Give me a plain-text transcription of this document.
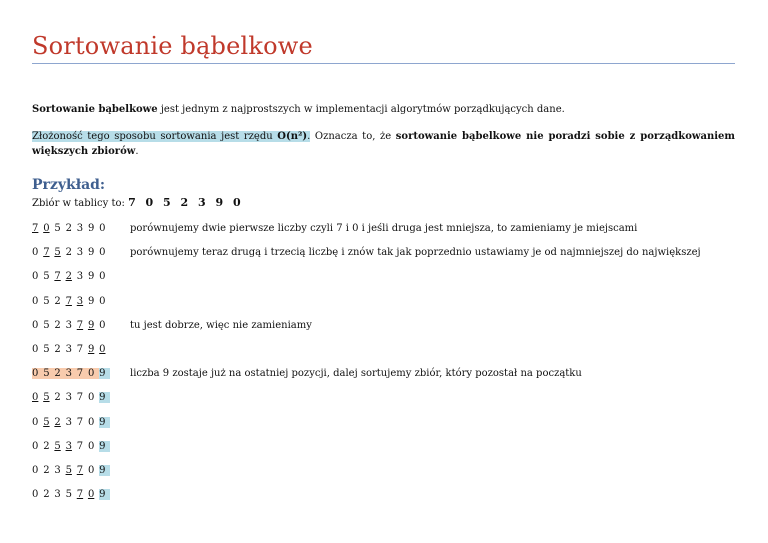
Sortowanie bąbelkowe
Sortowanie bąbelkowe jest jednym z najprostszych w implementacji algorytmów porządkujących dane.
Złożoność tego sposobu sortowania jest rzędu O(n²). Oznacza to, że sortowanie bąbelkowe nie poradzi sobie z porządkowaniem większych zbiorów.
Przykład:
Zbiór w tablicy to: 7 0 5 2 3 9 0
7 0 5 2 3 9 0	porównujemy dwie pierwsze liczby czyli 7 i 0 i jeśli druga jest mniejsza, to zamieniamy je miejscami
0 7 5 2 3 9 0	porównujemy teraz drugą i trzecią liczbę i znów tak jak poprzednio ustawiamy je od najmniejszej do największej
0 5 7 2 3 9 0
0 5 2 7 3 9 0
0 5 2 3 7 9 0	tu jest dobrze, więc nie zamieniamy
0 5 2 3 7 9 0
0 5 2 3 7 0 9	liczba 9 zostaje już na ostatniej pozycji, dalej sortujemy zbiór, który pozostał na początku
0 5 2 3 7 0 9
0 5 2 3 7 0 9
0 2 5 3 7 0 9
0 2 3 5 7 0 9
0 2 3 5 7 0 9
